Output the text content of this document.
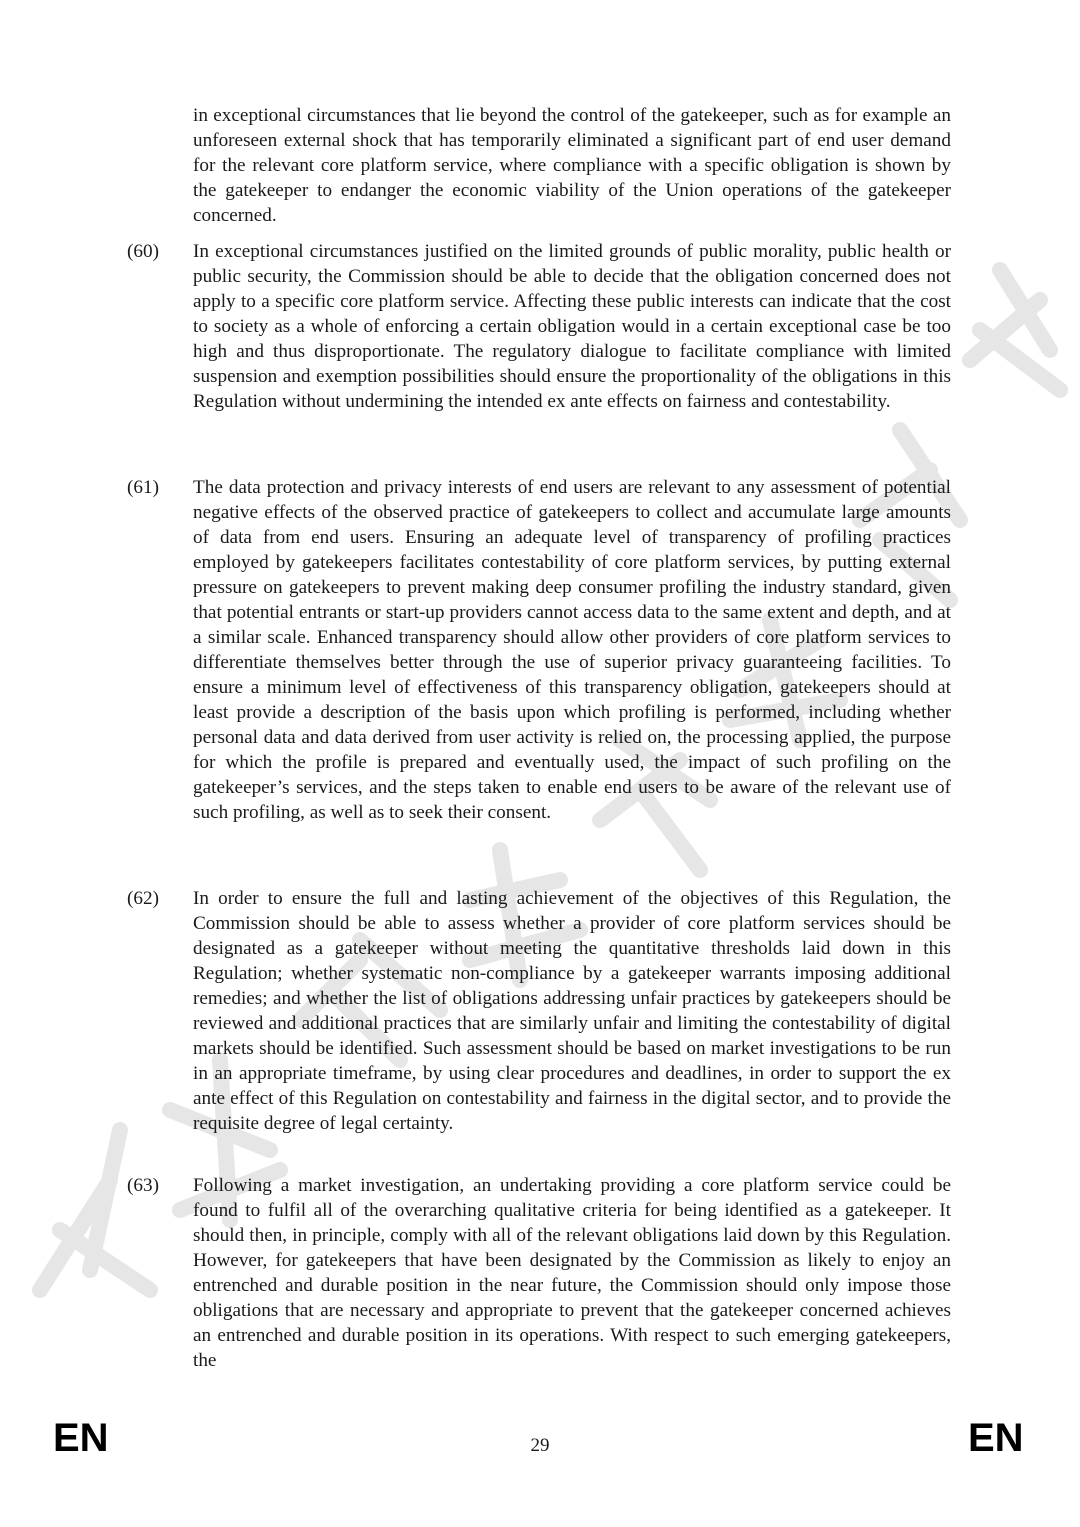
in exceptional circumstances that lie beyond the control of the gatekeeper, such as for example an unforeseen external shock that has temporarily eliminated a significant part of end user demand for the relevant core platform service, where compliance with a specific obligation is shown by the gatekeeper to endanger the economic viability of the Union operations of the gatekeeper concerned.
(60) In exceptional circumstances justified on the limited grounds of public morality, public health or public security, the Commission should be able to decide that the obligation concerned does not apply to a specific core platform service. Affecting these public interests can indicate that the cost to society as a whole of enforcing a certain obligation would in a certain exceptional case be too high and thus disproportionate. The regulatory dialogue to facilitate compliance with limited suspension and exemption possibilities should ensure the proportionality of the obligations in this Regulation without undermining the intended ex ante effects on fairness and contestability.
(61) The data protection and privacy interests of end users are relevant to any assessment of potential negative effects of the observed practice of gatekeepers to collect and accumulate large amounts of data from end users. Ensuring an adequate level of transparency of profiling practices employed by gatekeepers facilitates contestability of core platform services, by putting external pressure on gatekeepers to prevent making deep consumer profiling the industry standard, given that potential entrants or start-up providers cannot access data to the same extent and depth, and at a similar scale. Enhanced transparency should allow other providers of core platform services to differentiate themselves better through the use of superior privacy guaranteeing facilities. To ensure a minimum level of effectiveness of this transparency obligation, gatekeepers should at least provide a description of the basis upon which profiling is performed, including whether personal data and data derived from user activity is relied on, the processing applied, the purpose for which the profile is prepared and eventually used, the impact of such profiling on the gatekeeper’s services, and the steps taken to enable end users to be aware of the relevant use of such profiling, as well as to seek their consent.
(62) In order to ensure the full and lasting achievement of the objectives of this Regulation, the Commission should be able to assess whether a provider of core platform services should be designated as a gatekeeper without meeting the quantitative thresholds laid down in this Regulation; whether systematic non-compliance by a gatekeeper warrants imposing additional remedies; and whether the list of obligations addressing unfair practices by gatekeepers should be reviewed and additional practices that are similarly unfair and limiting the contestability of digital markets should be identified. Such assessment should be based on market investigations to be run in an appropriate timeframe, by using clear procedures and deadlines, in order to support the ex ante effect of this Regulation on contestability and fairness in the digital sector, and to provide the requisite degree of legal certainty.
(63) Following a market investigation, an undertaking providing a core platform service could be found to fulfil all of the overarching qualitative criteria for being identified as a gatekeeper. It should then, in principle, comply with all of the relevant obligations laid down by this Regulation. However, for gatekeepers that have been designated by the Commission as likely to enjoy an entrenched and durable position in the near future, the Commission should only impose those obligations that are necessary and appropriate to prevent that the gatekeeper concerned achieves an entrenched and durable position in its operations. With respect to such emerging gatekeepers, the
EN	29	EN
